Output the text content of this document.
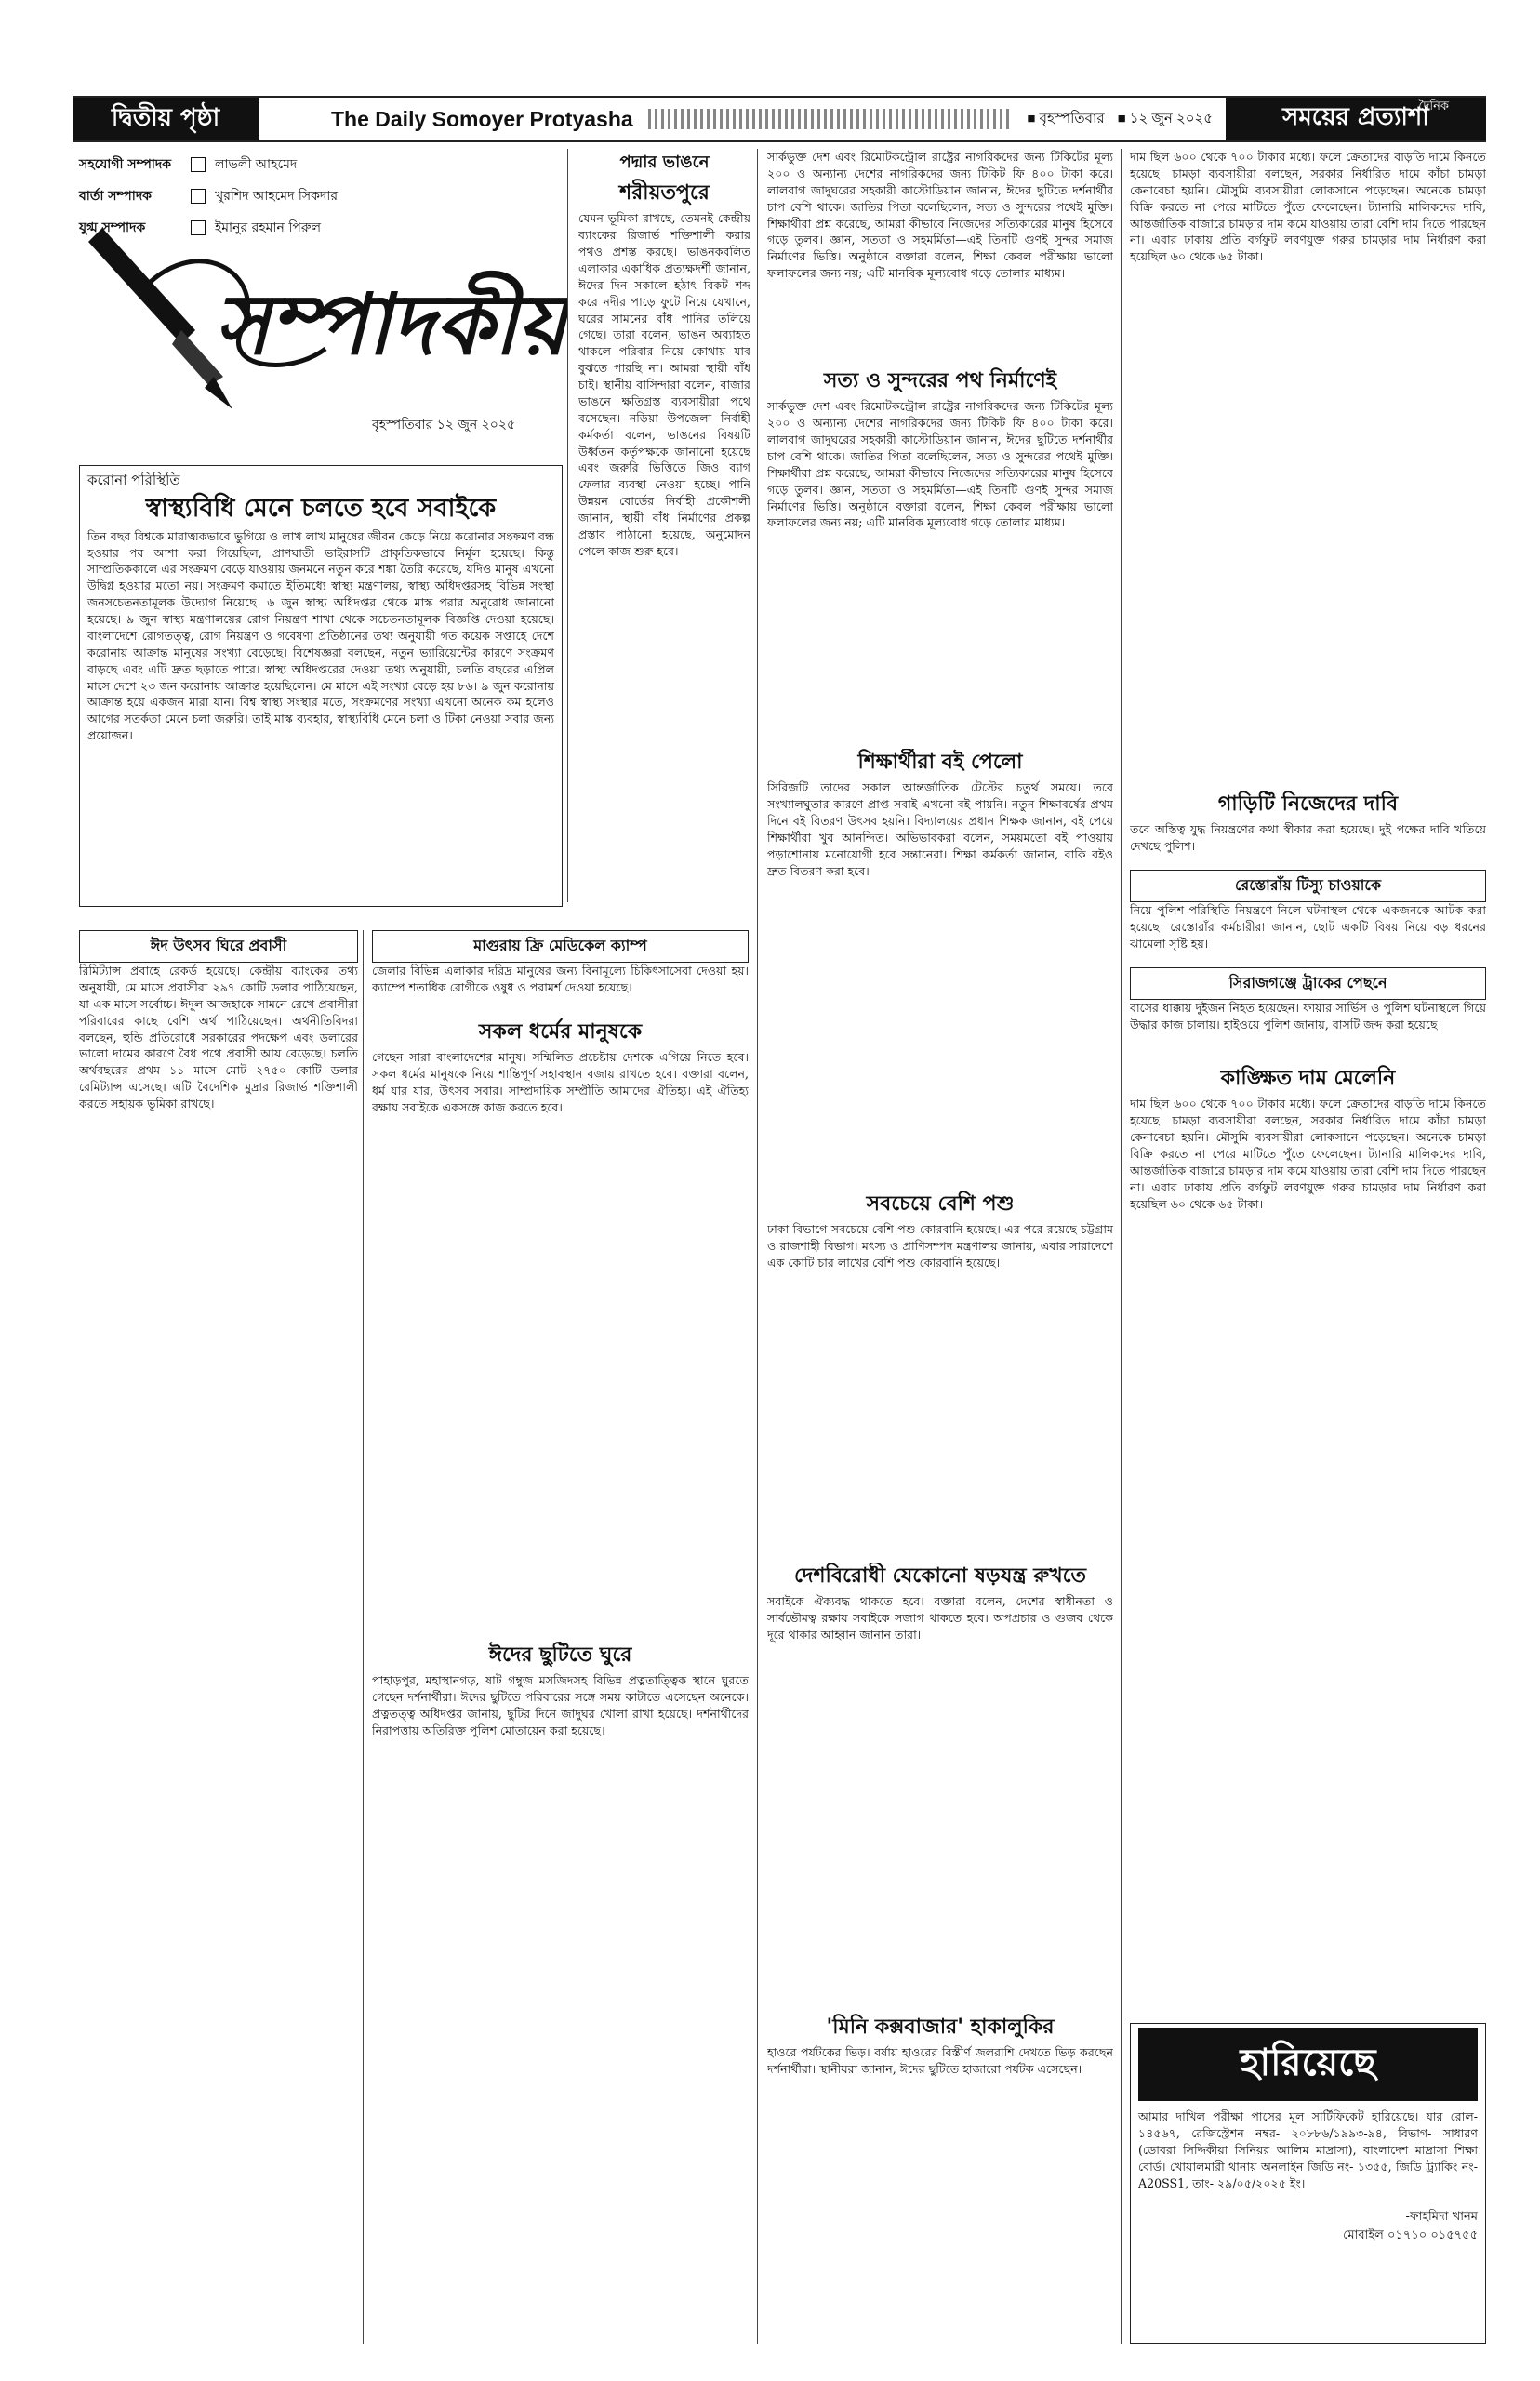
দ্বিতীয় পৃষ্ঠা	The Daily Somoyer Protyasha	■ বৃহস্পতিবার ■ ১২ জুন ২০২৫
দৈনিক
সময়ের প্রত্যাশা
সহযোগী সম্পাদক	লাভলী আহমেদ
বার্তা সম্পাদক	খুরশিদ আহমেদ সিকদার
যুগ্ম সম্পাদক	ইমানুর রহমান পিরুল
সম্পাদকীয়
বৃহস্পতিবার ১২ জুন ২০২৫
করোনা পরিস্থিতি
স্বাস্থ্যবিধি মেনে চলতে হবে সবাইকে

তিন বছর বিশ্বকে মারাত্মকভাবে ভুগিয়ে ও লাখ লাখ মানুষের জীবন কেড়ে নিয়ে করোনার সংক্রমণ বন্ধ হওয়ার পর আশা করা গিয়েছিল, প্রাণঘাতী ভাইরাসটি প্রাকৃতিকভাবে নির্মূল হয়েছে। কিন্তু সাম্প্রতিককালে এর সংক্রমণ বেড়ে যাওয়ায় জনমনে নতুন করে শঙ্কা তৈরি করেছে, যদিও মানুষ এখনো উদ্বিগ্ন হওয়ার মতো নয়। সংক্রমণ কমাতে ইতিমধ্যে স্বাস্থ্য মন্ত্রণালয়, স্বাস্থ্য অধিদপ্তরসহ বিভিন্ন সংস্থা জনসচেতনতামূলক উদ্যোগ নিয়েছে। ৬ জুন স্বাস্থ্য অধিদপ্তর থেকে মাস্ক পরার অনুরোধ জানানো হয়েছে। ৯ জুন স্বাস্থ্য মন্ত্রণালয়ের রোগ নিয়ন্ত্রণ শাখা থেকে সচেতনতামূলক বিজ্ঞপ্তি দেওয়া হয়েছে। বাংলাদেশে রোগতত্ত্ব, রোগ নিয়ন্ত্রণ ও গবেষণা প্রতিষ্ঠানের তথ্য অনুযায়ী গত কয়েক সপ্তাহে দেশে করোনায় আক্রান্ত মানুষের সংখ্যা বেড়েছে। বিশেষজ্ঞরা বলছেন, নতুন ভ্যারিয়েন্টের কারণে সংক্রমণ বাড়ছে এবং এটি দ্রুত ছড়াতে পারে। স্বাস্থ্য অধিদপ্তরের দেওয়া তথ্য অনুযায়ী, চলতি বছরের এপ্রিল মাসে দেশে ২৩ জন করোনায় আক্রান্ত হয়েছিলেন। মে মাসে এই সংখ্যা বেড়ে হয় ৮৬। ৯ জুন করোনায় আক্রান্ত হয়ে একজন মারা যান। বিশ্ব স্বাস্থ্য সংস্থার মতে, সংক্রমণের সংখ্যা এখনো অনেক কম হলেও আগের সতর্কতা মেনে চলা জরুরি। তাই মাস্ক ব্যবহার, স্বাস্থ্যবিধি মেনে চলা ও টিকা নেওয়া সবার জন্য প্রয়োজন।

পদ্মার ভাঙনে
শরীয়তপুরে

যেমন ভূমিকা রাখছে, তেমনই কেন্দ্রীয় ব্যাংকের রিজার্ভ শক্তিশালী করার পথও প্রশস্ত করছে। ভাঙনকবলিত এলাকার একাধিক প্রত্যক্ষদর্শী জানান, ঈদের দিন সকালে হঠাৎ বিকট শব্দ করে নদীর পাড়ে ফুটে নিয়ে যেখানে, ঘরের সামনের বাঁধ পানির তলিয়ে গেছে। তারা বলেন, ভাঙন অব্যাহত থাকলে পরিবার নিয়ে কোথায় যাব বুঝতে পারছি না। আমরা স্থায়ী বাঁধ চাই। স্থানীয় বাসিন্দারা বলেন, বাজার ভাঙনে ক্ষতিগ্রস্ত ব্যবসায়ীরা পথে বসেছেন। নড়িয়া উপজেলা নির্বাহী কর্মকর্তা বলেন, ভাঙনের বিষয়টি উর্ধ্বতন কর্তৃপক্ষকে জানানো হয়েছে এবং জরুরি ভিত্তিতে জিও ব্যাগ ফেলার ব্যবস্থা নেওয়া হচ্ছে। পানি উন্নয়ন বোর্ডের নির্বাহী প্রকৌশলী জানান, স্থায়ী বাঁধ নির্মাণের প্রকল্প প্রস্তাব পাঠানো হয়েছে, অনুমোদন পেলে কাজ শুরু হবে।

সার্কভুক্ত দেশ এবং রিমোটকন্ট্রোল রাষ্ট্রের নাগরিকদের জন্য টিকিটের মূল্য ২০০ ও অন্যান্য দেশের নাগরিকদের জন্য টিকিট ফি ৪০০ টাকা করে। লালবাগ জাদুঘরের সহকারী কাস্টোডিয়ান জানান, ঈদের ছুটিতে দর্শনার্থীর চাপ বেশি থাকে। জাতির পিতা বলেছিলেন, সত্য ও সুন্দরের পথেই মুক্তি। শিক্ষার্থীরা প্রশ্ন করেছে, আমরা কীভাবে নিজেদের সত্যিকারের মানুষ হিসেবে গড়ে তুলব। জ্ঞান, সততা ও সহমর্মিতা—এই তিনটি গুণই সুন্দর সমাজ নির্মাণের ভিত্তি। অনুষ্ঠানে বক্তারা বলেন, শিক্ষা কেবল পরীক্ষায় ভালো ফলাফলের জন্য নয়; এটি মানবিক মূল্যবোধ গড়ে তোলার মাধ্যম।

সত্য ও সুন্দরের পথ নির্মাণেই

সার্কভুক্ত দেশ এবং রিমোটকন্ট্রোল রাষ্ট্রের নাগরিকদের জন্য টিকিটের মূল্য ২০০ ও অন্যান্য দেশের নাগরিকদের জন্য টিকিট ফি ৪০০ টাকা করে। লালবাগ জাদুঘরের সহকারী কাস্টোডিয়ান জানান, ঈদের ছুটিতে দর্শনার্থীর চাপ বেশি থাকে। জাতির পিতা বলেছিলেন, সত্য ও সুন্দরের পথেই মুক্তি। শিক্ষার্থীরা প্রশ্ন করেছে, আমরা কীভাবে নিজেদের সত্যিকারের মানুষ হিসেবে গড়ে তুলব। জ্ঞান, সততা ও সহমর্মিতা—এই তিনটি গুণই সুন্দর সমাজ নির্মাণের ভিত্তি। অনুষ্ঠানে বক্তারা বলেন, শিক্ষা কেবল পরীক্ষায় ভালো ফলাফলের জন্য নয়; এটি মানবিক মূল্যবোধ গড়ে তোলার মাধ্যম।

শিক্ষার্থীরা বই পেলো

সিরিজটি তাদের সকাল আন্তর্জাতিক টেস্টের চতুর্থ সময়ে। তবে সংখ্যালঘুতার কারণে প্রাপ্ত সবাই এখনো বই পায়নি। নতুন শিক্ষাবর্ষের প্রথম দিনে বই বিতরণ উৎসব হয়নি। বিদ্যালয়ের প্রধান শিক্ষক জানান, বই পেয়ে শিক্ষার্থীরা খুব আনন্দিত। অভিভাবকরা বলেন, সময়মতো বই পাওয়ায় পড়াশোনায় মনোযোগী হবে সন্তানেরা। শিক্ষা কর্মকর্তা জানান, বাকি বইও দ্রুত বিতরণ করা হবে।

দাম ছিল ৬০০ থেকে ৭০০ টাকার মধ্যে। ফলে ক্রেতাদের বাড়তি দামে কিনতে হয়েছে। চামড়া ব্যবসায়ীরা বলছেন, সরকার নির্ধারিত দামে কাঁচা চামড়া কেনাবেচা হয়নি। মৌসুমি ব্যবসায়ীরা লোকসানে পড়েছেন। অনেকে চামড়া বিক্রি করতে না পেরে মাটিতে পুঁতে ফেলেছেন। ট্যানারি মালিকদের দাবি, আন্তর্জাতিক বাজারে চামড়ার দাম কমে যাওয়ায় তারা বেশি দাম দিতে পারছেন না। এবার ঢাকায় প্রতি বর্গফুট লবণযুক্ত গরুর চামড়ার দাম নির্ধারণ করা হয়েছিল ৬০ থেকে ৬৫ টাকা।

গাড়িটি নিজেদের দাবি

তবে অস্তিত্ব যুদ্ধ নিয়ন্ত্রণের কথা স্বীকার করা হয়েছে। দুই পক্ষের দাবি খতিয়ে দেখছে পুলিশ।

রেস্তোরাঁয় টিস্যু চাওয়াকে

নিয়ে পুলিশ পরিস্থিতি নিয়ন্ত্রণে নিলে ঘটনাস্থল থেকে একজনকে আটক করা হয়েছে। রেস্তোরাঁর কর্মচারীরা জানান, ছোট একটি বিষয় নিয়ে বড় ধরনের ঝামেলা সৃষ্টি হয়।

সিরাজগঞ্জে ট্রাকের পেছনে

বাসের ধাক্কায় দুইজন নিহত হয়েছেন। ফায়ার সার্ভিস ও পুলিশ ঘটনাস্থলে গিয়ে উদ্ধার কাজ চালায়। হাইওয়ে পুলিশ জানায়, বাসটি জব্দ করা হয়েছে।

কাঙ্ক্ষিত দাম মেলেনি

দাম ছিল ৬০০ থেকে ৭০০ টাকার মধ্যে। ফলে ক্রেতাদের বাড়তি দামে কিনতে হয়েছে। চামড়া ব্যবসায়ীরা বলছেন, সরকার নির্ধারিত দামে কাঁচা চামড়া কেনাবেচা হয়নি। মৌসুমি ব্যবসায়ীরা লোকসানে পড়েছেন। অনেকে চামড়া বিক্রি করতে না পেরে মাটিতে পুঁতে ফেলেছেন। ট্যানারি মালিকদের দাবি, আন্তর্জাতিক বাজারে চামড়ার দাম কমে যাওয়ায় তারা বেশি দাম দিতে পারছেন না। এবার ঢাকায় প্রতি বর্গফুট লবণযুক্ত গরুর চামড়ার দাম নির্ধারণ করা হয়েছিল ৬০ থেকে ৬৫ টাকা।

হারিয়েছে

আমার দাখিল পরীক্ষা পাসের মূল সার্টিফিকেট হারিয়েছে। যার রোল- ১৪৫৬৭, রেজিস্ট্রেশন নম্বর- ২০৮৮৬/১৯৯৩-৯৪, বিভাগ- সাধারণ (ডোবরা সিদ্দিকীয়া সিনিয়র আলিম মাদ্রাসা), বাংলাদেশ মাদ্রাসা শিক্ষা বোর্ড। খোয়ালমারী থানায় অনলাইন জিডি নং- ১৩৫৫, জিডি ট্র্যাকিং নং- A20SS1, তাং- ২৯/০৫/২০২৫ ইং।

-ফাহমিদা খানম
মোবাইল ০১৭১০ ০১৫৭৫৫
ঈদ উৎসব ঘিরে প্রবাসী

রিমিট্যান্স প্রবাহে রেকর্ড হয়েছে। কেন্দ্রীয় ব্যাংকের তথ্য অনুযায়ী, মে মাসে প্রবাসীরা ২৯৭ কোটি ডলার পাঠিয়েছেন, যা এক মাসে সর্বোচ্চ। ঈদুল আজহাকে সামনে রেখে প্রবাসীরা পরিবারের কাছে বেশি অর্থ পাঠিয়েছেন। অর্থনীতিবিদরা বলছেন, হুন্ডি প্রতিরোধে সরকারের পদক্ষেপ এবং ডলারের ভালো দামের কারণে বৈধ পথে প্রবাসী আয় বেড়েছে। চলতি অর্থবছরের প্রথম ১১ মাসে মোট ২৭৫০ কোটি ডলার রেমিট্যান্স এসেছে। এটি বৈদেশিক মুদ্রার রিজার্ভ শক্তিশালী করতে সহায়ক ভূমিকা রাখছে।

মাগুরায় ফ্রি মেডিকেল ক্যাম্প

জেলার বিভিন্ন এলাকার দরিদ্র মানুষের জন্য বিনামূল্যে চিকিৎসাসেবা দেওয়া হয়। ক্যাম্পে শতাধিক রোগীকে ওষুধ ও পরামর্শ দেওয়া হয়েছে।

সকল ধর্মের মানুষকে

গেছেন সারা বাংলাদেশের মানুষ। সম্মিলিত প্রচেষ্টায় দেশকে এগিয়ে নিতে হবে। সকল ধর্মের মানুষকে নিয়ে শান্তিপূর্ণ সহাবস্থান বজায় রাখতে হবে। বক্তারা বলেন, ধর্ম যার যার, উৎসব সবার। সাম্প্রদায়িক সম্প্রীতি আমাদের ঐতিহ্য। এই ঐতিহ্য রক্ষায় সবাইকে একসঙ্গে কাজ করতে হবে।

ঈদের ছুটিতে ঘুরে

পাহাড়পুর, মহাস্থানগড়, ষাট গম্বুজ মসজিদসহ বিভিন্ন প্রত্নতাত্ত্বিক স্থানে ঘুরতে গেছেন দর্শনার্থীরা। ঈদের ছুটিতে পরিবারের সঙ্গে সময় কাটাতে এসেছেন অনেকে। প্রত্নতত্ত্ব অধিদপ্তর জানায়, ছুটির দিনে জাদুঘর খোলা রাখা হয়েছে। দর্শনার্থীদের নিরাপত্তায় অতিরিক্ত পুলিশ মোতায়েন করা হয়েছে।

সবচেয়ে বেশি পশু

ঢাকা বিভাগে সবচেয়ে বেশি পশু কোরবানি হয়েছে। এর পরে রয়েছে চট্টগ্রাম ও রাজশাহী বিভাগ। মৎস্য ও প্রাণিসম্পদ মন্ত্রণালয় জানায়, এবার সারাদেশে এক কোটি চার লাখের বেশি পশু কোরবানি হয়েছে।

দেশবিরোধী যেকোনো ষড়যন্ত্র রুখতে

সবাইকে ঐক্যবদ্ধ থাকতে হবে। বক্তারা বলেন, দেশের স্বাধীনতা ও সার্বভৌমত্ব রক্ষায় সবাইকে সজাগ থাকতে হবে। অপপ্রচার ও গুজব থেকে দূরে থাকার আহ্বান জানান তারা।

'মিনি কক্সবাজার' হাকালুকির

হাওরে পর্যটকের ভিড়। বর্ষায় হাওরের বিস্তীর্ণ জলরাশি দেখতে ভিড় করছেন দর্শনার্থীরা। স্থানীয়রা জানান, ঈদের ছুটিতে হাজারো পর্যটক এসেছেন।
